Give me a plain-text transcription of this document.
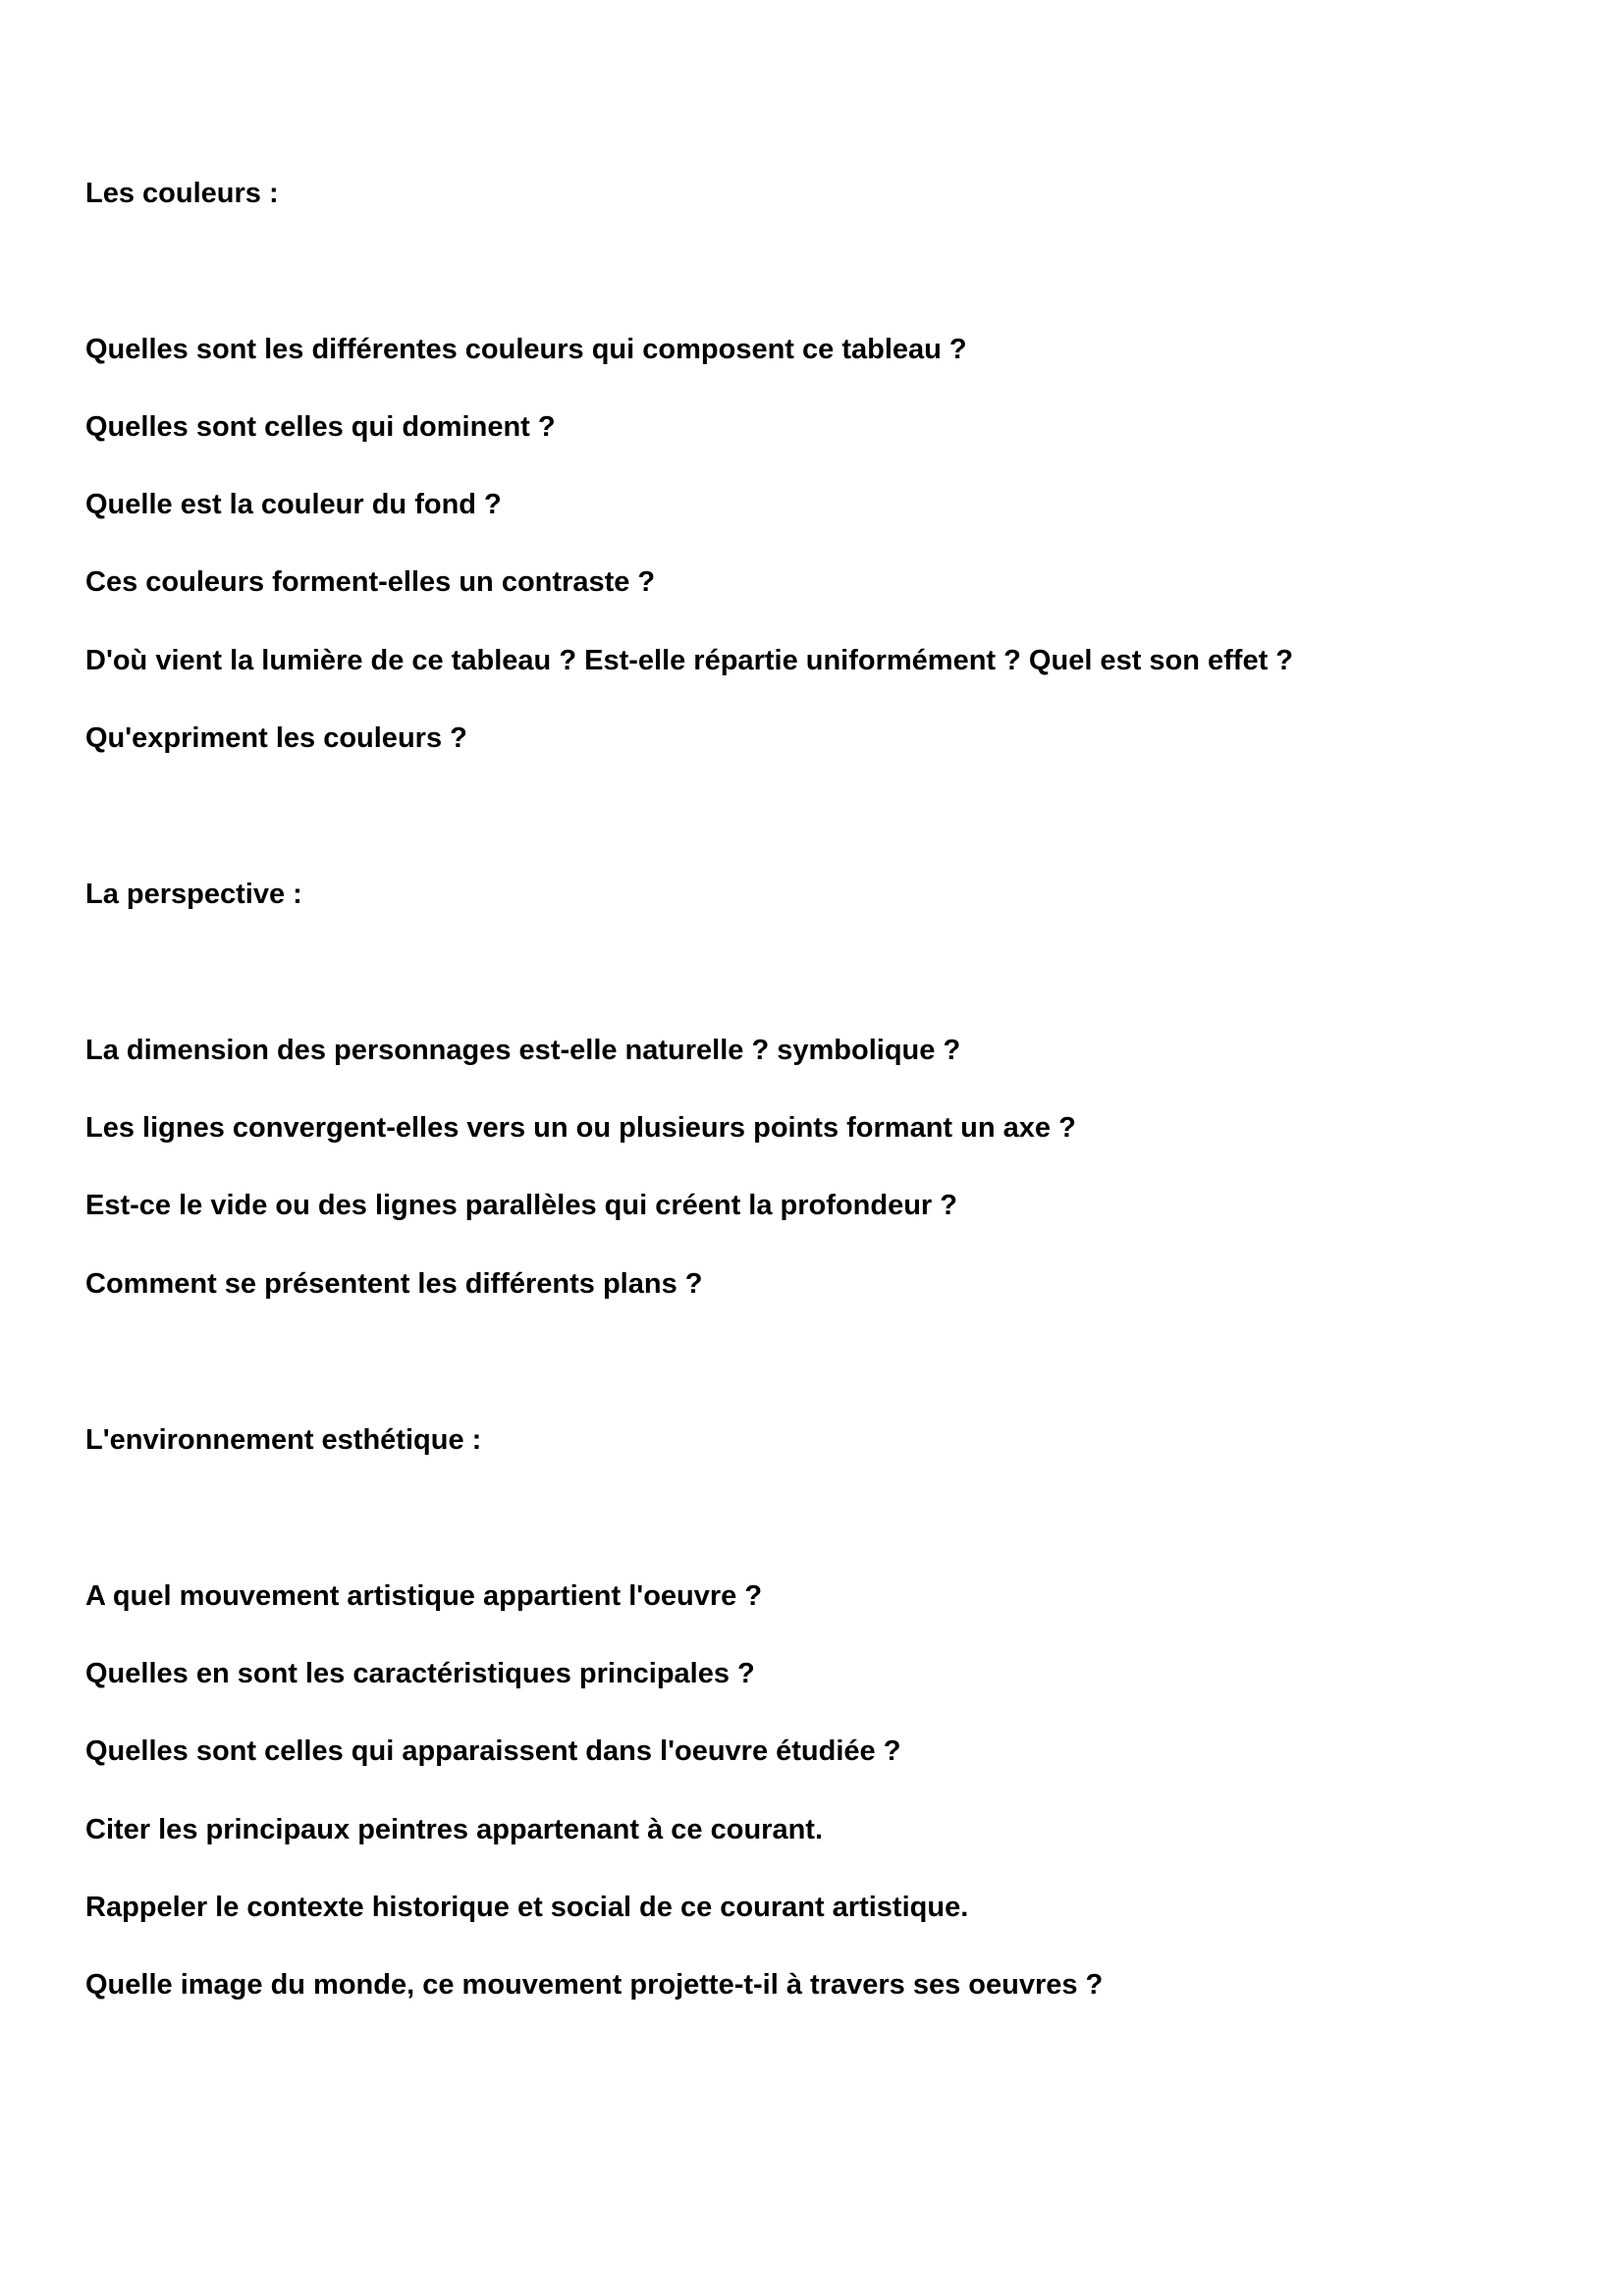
Les couleurs :

Quelles sont les différentes couleurs qui composent ce tableau ?

Quelles sont celles qui dominent ?

Quelle est la couleur du fond ?

Ces couleurs forment-elles un contraste ?

D'où vient la lumière de ce tableau ? Est-elle répartie uniformément ? Quel est son effet ?

Qu'expriment les couleurs ?

La perspective :

La dimension des personnages est-elle naturelle ? symbolique ?

Les lignes convergent-elles vers un ou plusieurs points formant un axe ?

Est-ce le vide ou des lignes parallèles qui créent la profondeur ?

Comment se présentent les différents plans ?

L'environnement esthétique :

A quel mouvement artistique appartient l'oeuvre ?

Quelles en sont les caractéristiques principales ?

Quelles sont celles qui apparaissent dans l'oeuvre étudiée ?

Citer les principaux peintres appartenant à ce courant.

Rappeler le contexte historique et social de ce courant artistique.

Quelle image du monde, ce mouvement projette-t-il à travers ses oeuvres ?
